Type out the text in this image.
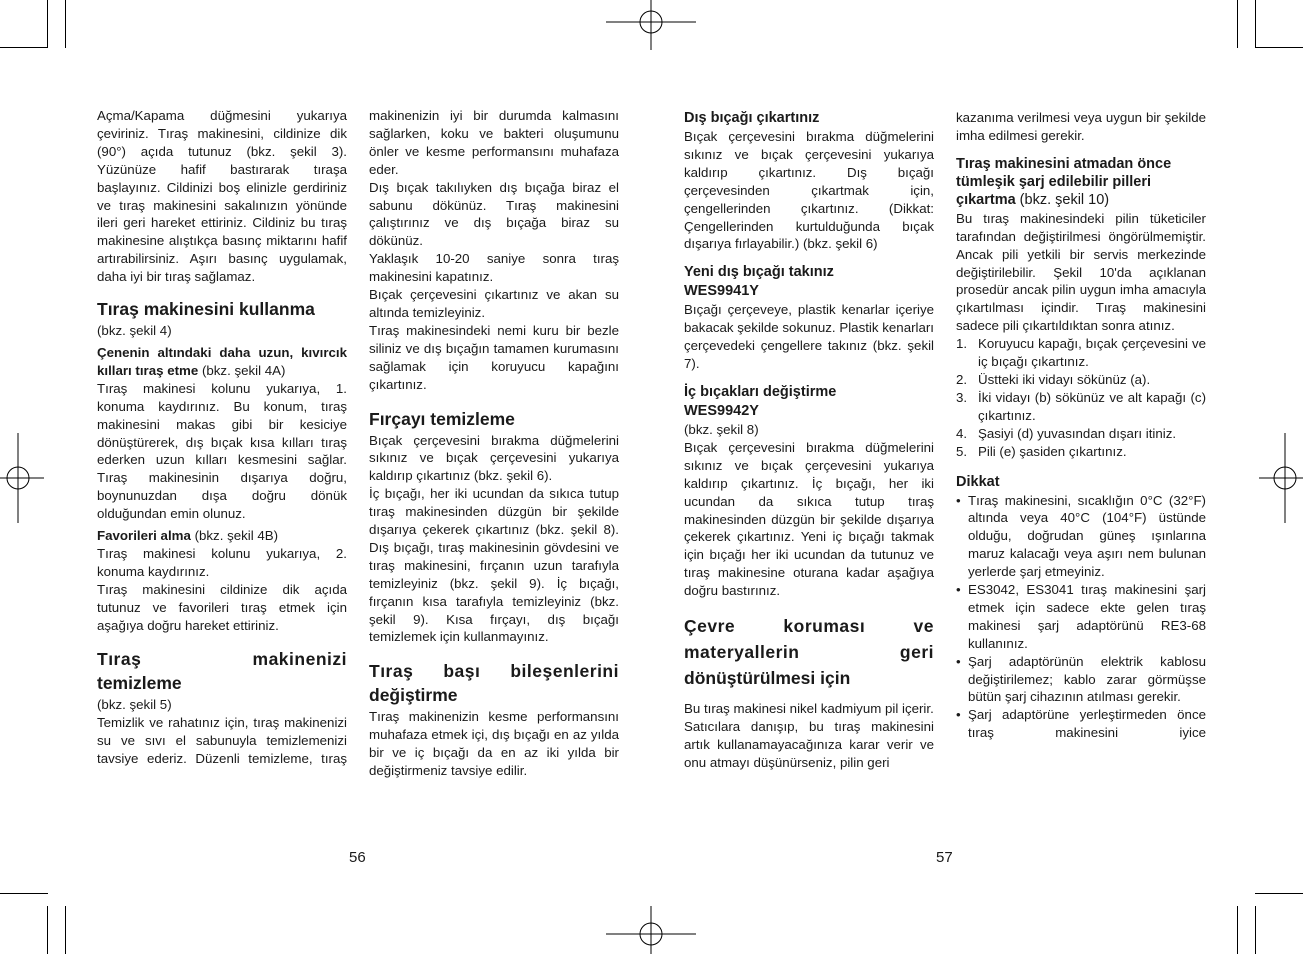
Açma/Kapama düğmesini yukarıya çeviriniz. Tıraş makinesini, cildinize dik (90°) açıda tutunuz (bkz. şekil 3). Yüzünüze hafif bastırarak tıraşa başlayınız. Cildinizi boş elinizle gerdiriniz ve tıraş makinesini sakalınızın yönünde ileri geri hareket ettiriniz. Cildiniz bu tıraş makinesine alıştıkça basınç miktarını hafif artırabilirsiniz. Aşırı basınç uygulamak, daha iyi bir tıraş sağlamaz.

Tıraş makinesini kullanma

(bkz. şekil 4)

Çenenin altındaki daha uzun, kıvırcık kılları tıraş etme (bkz. şekil 4A)

Tıraş makinesi kolunu yukarıya, 1. konuma kaydırınız. Bu konum, tıraş makinesini makas gibi bir kesiciye dönüştürerek, dış bıçak kısa kılları tıraş ederken uzun kılları kesmesini sağlar. Tıraş makinesinin dışarıya doğru, boynunuzdan dışa doğru dönük olduğundan emin olunuz.

Favorileri alma (bkz. şekil 4B)

Tıraş makinesi kolunu yukarıya, 2. konuma kaydırınız.

Tıraş makinesini cildinize dik açıda tutunuz ve favorileri tıraş etmek için aşağıya doğru hareket ettiriniz.

Tıraş makinenizi
temizleme

(bkz. şekil 5)

Temizlik ve rahatınız için, tıraş makinenizi su ve sıvı el sabunuyla temizlemenizi tavsiye ederiz. Düzenli temizleme, tıraş

makinenizin iyi bir durumda kalmasını sağlarken, koku ve bakteri oluşumunu önler ve kesme performansını muhafaza eder.

Dış bıçak takılıyken dış bıçağa biraz el sabunu dökünüz. Tıraş makinesini çalıştırınız ve dış bıçağa biraz su dökünüz.

Yaklaşık 10-20 saniye sonra tıraş makinesini kapatınız.

Bıçak çerçevesini çıkartınız ve akan su altında temizleyiniz.

Tıraş makinesindeki nemi kuru bir bezle siliniz ve dış bıçağın tamamen kurumasını sağlamak için koruyucu kapağını çıkartınız.

Fırçayı temizleme

Bıçak çerçevesini bırakma düğmelerini sıkınız ve bıçak çerçevesini yukarıya kaldırıp çıkartınız (bkz. şekil 6).

İç bıçağı, her iki ucundan da sıkıca tutup tıraş makinesinden düzgün bir şekilde dışarıya çekerek çıkartınız (bkz. şekil 8). Dış bıçağı, tıraş makinesinin gövdesini ve tıraş makinesini, fırçanın uzun tarafıyla temizleyiniz (bkz. şekil 9). İç bıçağı, fırçanın kısa tarafıyla temizleyiniz (bkz. şekil 9). Kısa fırçayı, dış bıçağı temizlemek için kullanmayınız.

Tıraş başı bileşenlerini
değiştirme

Tıraş makinenizin kesme performansını muhafaza etmek içi, dış bıçağı en az yılda bir ve iç bıçağı da en az iki yılda bir değiştirmeniz tavsiye edilir.

Dış bıçağı çıkartınız

Bıçak çerçevesini bırakma düğmelerini sıkınız ve bıçak çerçevesini yukarıya kaldırıp çıkartınız. Dış bıçağı çerçevesinden çıkartmak için, çengellerinden çıkartınız. (Dikkat: Çengellerinden kurtulduğunda bıçak dışarıya fırlayabilir.) (bkz. şekil 6)

Yeni dış bıçağı takınız
WES9941Y

Bıçağı çerçeveye, plastik kenarlar içeriye bakacak şekilde sokunuz. Plastik kenarları çerçevedeki çengellere takınız (bkz. şekil 7).

İç bıçakları değiştirme
WES9942Y

(bkz. şekil 8)

Bıçak çerçevesini bırakma düğmelerini sıkınız ve bıçak çerçevesini yukarıya kaldırıp çıkartınız. İç bıçağı, her iki ucundan da sıkıca tutup tıraş makinesinden düzgün bir şekilde dışarıya çekerek çıkartınız. Yeni iç bıçağı takmak için bıçağı her iki ucundan da tutunuz ve tıraş makinesine oturana kadar aşağıya doğru bastırınız.

Çevre koruması ve
materyallerin geri
dönüştürülmesi için

Bu tıraş makinesi nikel kadmiyum pil içerir.

Satıcılara danışıp, bu tıraş makinesini artık kullanamayacağınıza karar verir ve onu atmayı düşünürseniz, pilin geri

kazanıma verilmesi veya uygun bir şekilde imha edilmesi gerekir.

Tıraş makinesini atmadan önce tümleşik şarj edilebilir pilleri çıkartma (bkz. şekil 10)

Bu tıraş makinesindeki pilin tüketiciler tarafından değiştirilmesi öngörülmemiştir. Ancak pili yetkili bir servis merkezinde değiştirilebilir. Şekil 10'da açıklanan prosedür ancak pilin uygun imha amacıyla çıkartılması içindir. Tıraş makinesini sadece pili çıkartıldıktan sonra atınız.

1. Koruyucu kapağı, bıçak çerçevesini ve iç bıçağı çıkartınız.
2. Üstteki iki vidayı sökünüz (a).
3. İki vidayı (b) sökünüz ve alt kapağı (c) çıkartınız.
4. Şasiyi (d) yuvasından dışarı itiniz.
5. Pili (e) şasiden çıkartınız.
Dikkat
• Tıraş makinesini, sıcaklığın 0°C (32°F) altında veya 40°C (104°F) üstünde olduğu, doğrudan güneş ışınlarına maruz kalacağı veya aşırı nem bulunan yerlerde şarj etmeyiniz.
• ES3042, ES3041 tıraş makinesini şarj etmek için sadece ekte gelen tıraş makinesi şarj adaptörünü RE3-68 kullanınız.
• Şarj adaptörünün elektrik kablosu değiştirilemez; kablo zarar görmüşse bütün şarj cihazının atılması gerekir.
• Şarj adaptörüne yerleştirmeden önce tıraş makinesini iyice
56	57
